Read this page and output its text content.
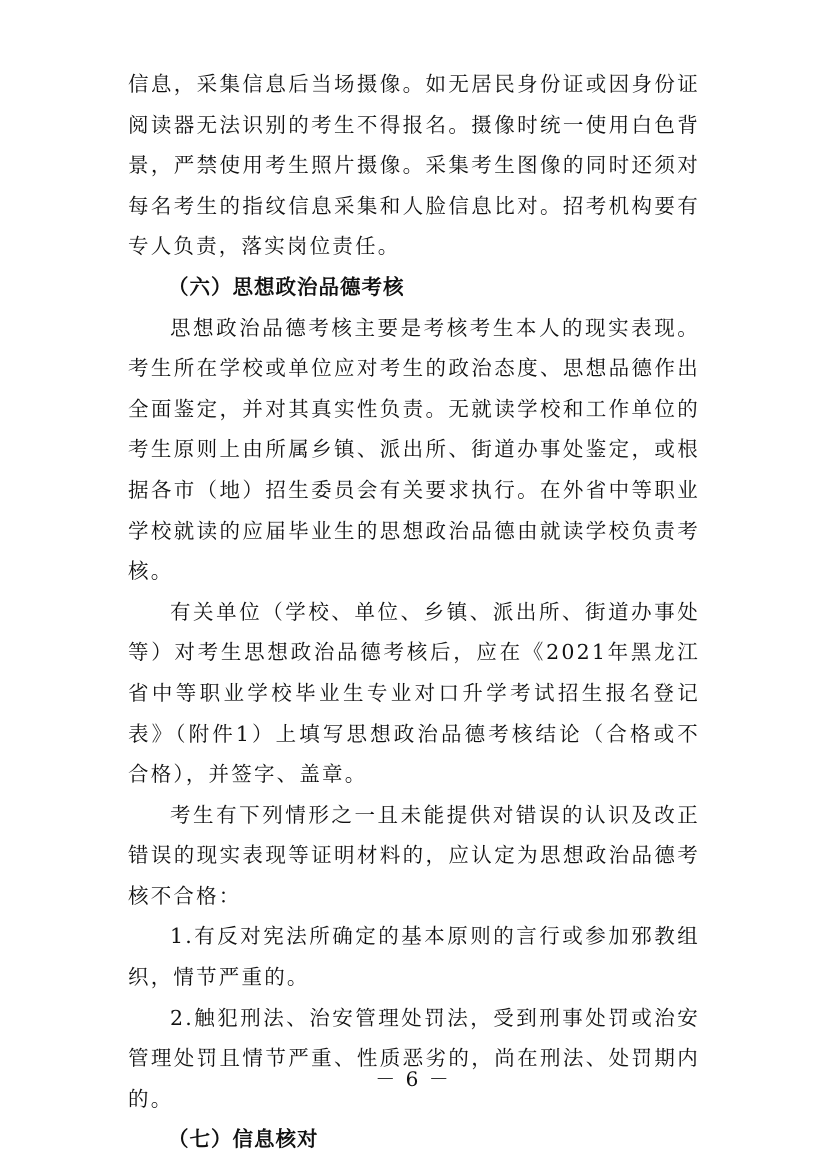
信息，采集信息后当场摄像。如无居民身份证或因身份证阅读器无法识别的考生不得报名。摄像时统一使用白色背景，严禁使用考生照片摄像。采集考生图像的同时还须对每名考生的指纹信息采集和人脸信息比对。招考机构要有专人负责，落实岗位责任。

（六）思想政治品德考核

思想政治品德考核主要是考核考生本人的现实表现。考生所在学校或单位应对考生的政治态度、思想品德作出全面鉴定，并对其真实性负责。无就读学校和工作单位的考生原则上由所属乡镇、派出所、街道办事处鉴定，或根据各市（地）招生委员会有关要求执行。在外省中等职业学校就读的应届毕业生的思想政治品德由就读学校负责考核。

有关单位（学校、单位、乡镇、派出所、街道办事处等）对考生思想政治品德考核后，应在《2021年黑龙江省中等职业学校毕业生专业对口升学考试招生报名登记表》（附件1）上填写思想政治品德考核结论（合格或不合格），并签字、盖章。

考生有下列情形之一且未能提供对错误的认识及改正错误的现实表现等证明材料的，应认定为思想政治品德考核不合格：

1.有反对宪法所确定的基本原则的言行或参加邪教组织，情节严重的。

2.触犯刑法、治安管理处罚法，受到刑事处罚或治安管理处罚且情节严重、性质恶劣的，尚在刑法、处罚期内的。

（七）信息核对

－ 6 －
